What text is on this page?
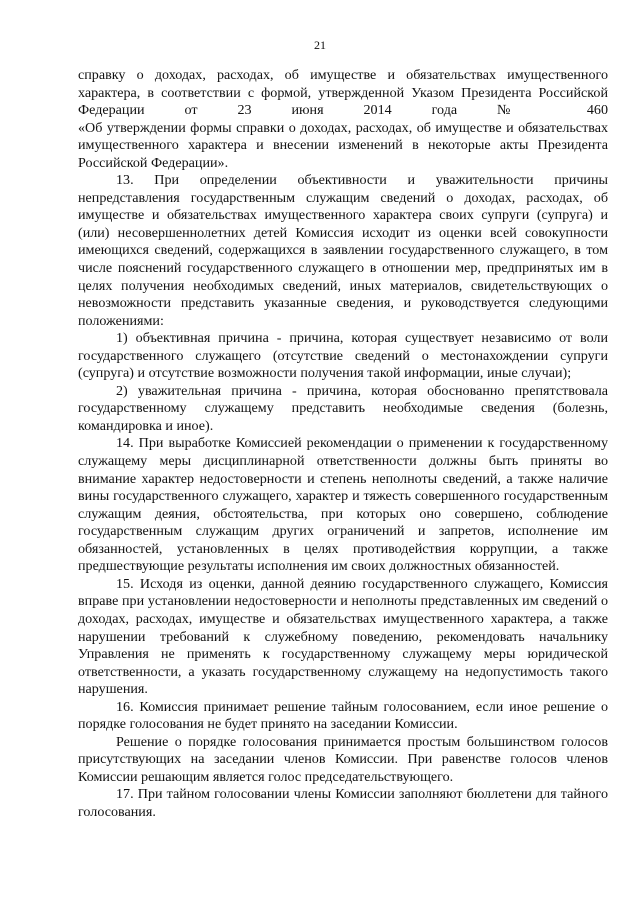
21

справку о доходах, расходах, об имуществе и обязательствах имущественного характера, в соответствии с формой, утвержденной Указом Президента Российской Федерации от 23 июня 2014 года № 460
«Об утверждении формы справки о доходах, расходах, об имуществе и обязательствах имущественного характера и внесении изменений в некоторые акты Президента Российской Федерации».

13. При определении объективности и уважительности причины непредставления государственным служащим сведений о доходах, расходах, об имуществе и обязательствах имущественного характера своих супруги (супруга) и (или) несовершеннолетних детей Комиссия исходит из оценки всей совокупности имеющихся сведений, содержащихся в заявлении государственного служащего, в том числе пояснений государственного служащего в отношении мер, предпринятых им в целях получения необходимых сведений, иных материалов, свидетельствующих о невозможности представить указанные сведения, и руководствуется следующими положениями:

1) объективная причина - причина, которая существует независимо от воли государственного служащего (отсутствие сведений о местонахождении супруги (супруга) и отсутствие возможности получения такой информации, иные случаи);

2) уважительная причина - причина, которая обоснованно препятствовала государственному служащему представить необходимые сведения (болезнь, командировка и иное).

14. При выработке Комиссией рекомендации о применении к государственному служащему меры дисциплинарной ответственности должны быть приняты во внимание характер недостоверности и степень неполноты сведений, а также наличие вины государственного служащего, характер и тяжесть совершенного государственным служащим деяния, обстоятельства, при которых оно совершено, соблюдение государственным служащим других ограничений и запретов, исполнение им обязанностей, установленных в целях противодействия коррупции, а также предшествующие результаты исполнения им своих должностных обязанностей.

15. Исходя из оценки, данной деянию государственного служащего, Комиссия вправе при установлении недостоверности и неполноты представленных им сведений о доходах, расходах, имуществе и обязательствах имущественного характера, а также нарушении требований к служебному поведению, рекомендовать начальнику Управления не применять к государственному служащему меры юридической ответственности, а указать государственному служащему на недопустимость такого нарушения.

16. Комиссия принимает решение тайным голосованием, если иное решение о порядке голосования не будет принято на заседании Комиссии.

Решение о порядке голосования принимается простым большинством голосов присутствующих на заседании членов Комиссии. При равенстве голосов членов Комиссии решающим является голос председательствующего.

17. При тайном голосовании члены Комиссии заполняют бюллетени для тайного голосования.
